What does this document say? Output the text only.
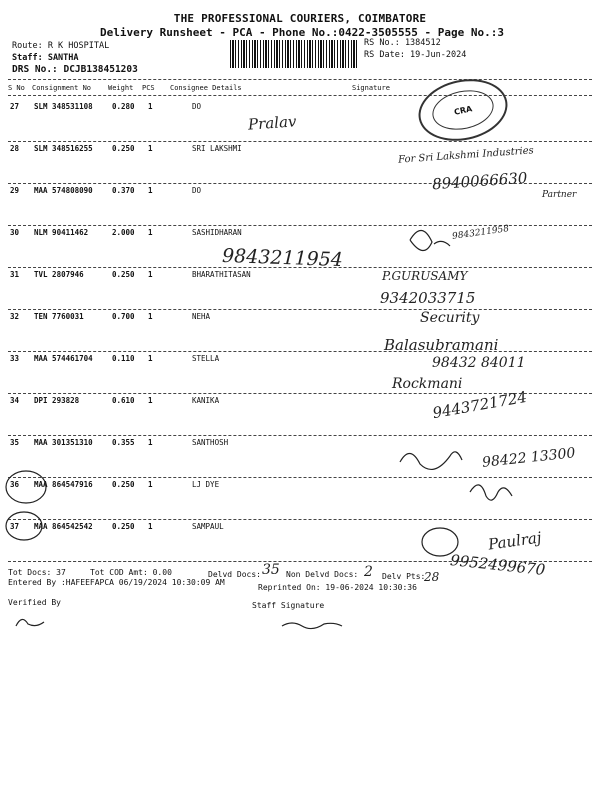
THE PROFESSIONAL COURIERS, COIMBATORE
Delivery Runsheet - PCA - Phone No.:0422-3505555 - Page No.:3
Route: R K HOSPITAL
Staff: SANTHA
DRS No.: DCJB138451203
RS No.: 1384512
RS Date: 19-Jun-2024
S No Consignment No Weight PCS Consignee Details	Signature
27 SLM 348531108	0.280 1	DO
28 SLM 348516255	0.250 1	SRI LAKSHMI
29 MAA 574808090	0.370 1	DO
30 NLM 90411462	2.000 1	SASHIDHARAN
31 TVL 2807946	0.250 1	BHARATHITASAN
32 TEN 7760031	0.700 1	NEHA
33 MAA 574461704	0.110 1	STELLA
34 DPI 293828	0.610 1	KANIKA
35 MAA 301351310	0.355 1	SANTHOSH
36 MAA 864547916	0.250 1	LJ DYE
37 MAA 864542542	0.250 1	SAMPAUL
CRA
Pralav
For Sri Lakshmi Industries
8940066630
Partner
9843211954
9843211958
P.GURUSAMY
9342033715
Security
Balasubramani
98432 84011
Rockmani
9443721724
98422 13300
Paulraj
9952499670
Tot Docs: 37	Tot COD Amt: 0.00	Delvd Docs: 35 Non Delvd Docs: 2 Delv Pts:
28
Entered By :HAFEEFAPCA 06/19/2024 10:30:09 AM
Reprinted On: 19-06-2024 10:30:36
Verified By	Staff Signature
